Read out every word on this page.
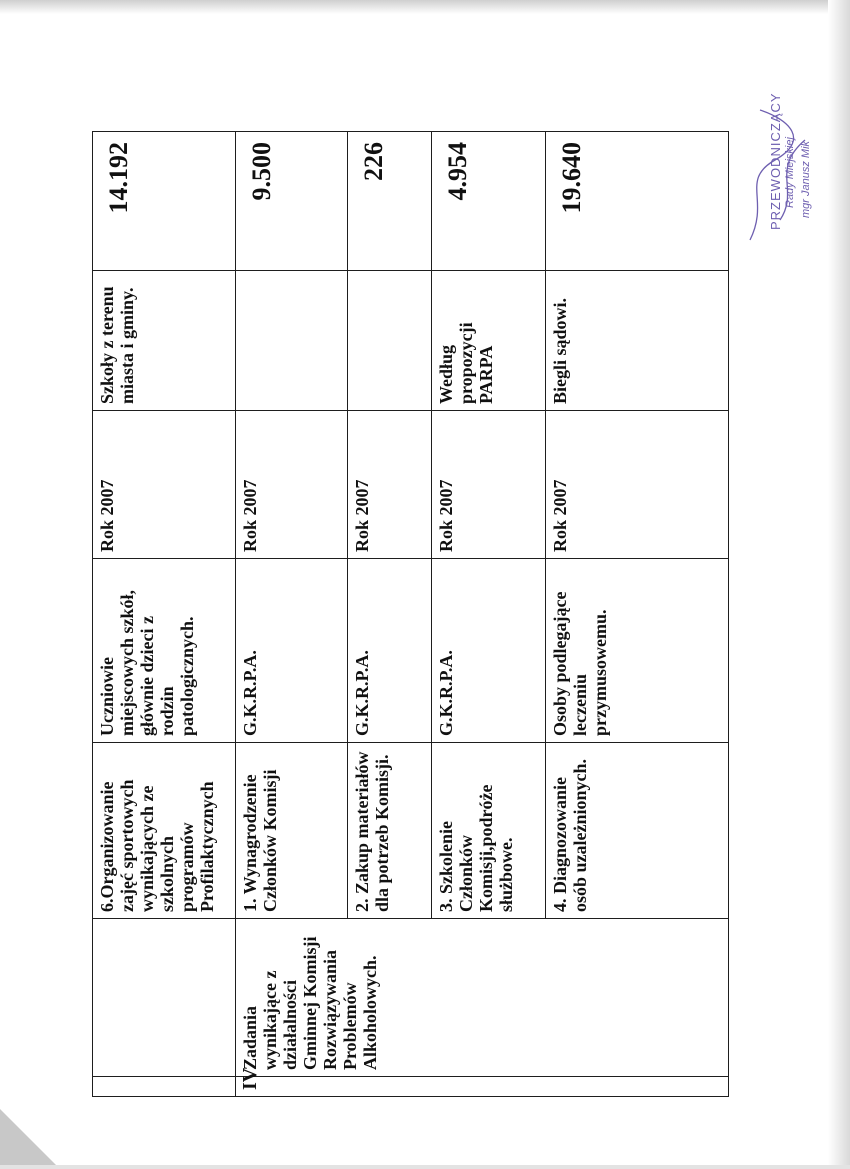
		6.Organizowanie zajęć sportowych wynikających ze szkolnych programów Profilaktycznych	Uczniowie miejscowych szkół, głównie dzieci z rodzin patologicznych.	Rok 2007	Szkoły z terenu miasta i gminy.	14.192
IV	Zadania wynikające z działalności Gminnej Komisji Rozwiązywania Problemów Alkoholowych.	1. Wynagrodzenie Członków Komisji	G.K.R.P.A.	Rok 2007		9.500
		2. Zakup materiałów dla potrzeb Komisji.	G.K.R.P.A.	Rok 2007		226
		3. Szkolenie Członków Komisji,podróże służbowe.	G.K.R.P.A.	Rok 2007	Według propozycji PARPA	4.954
		4. Diagnozowanie osób uzależnionych.	Osoby podlegające leczeniu przymusowemu.	Rok 2007	Biegli sądowi.	19.640	PRZEWODNICZĄCY Rady Miejskiej mgr Janusz Mik
